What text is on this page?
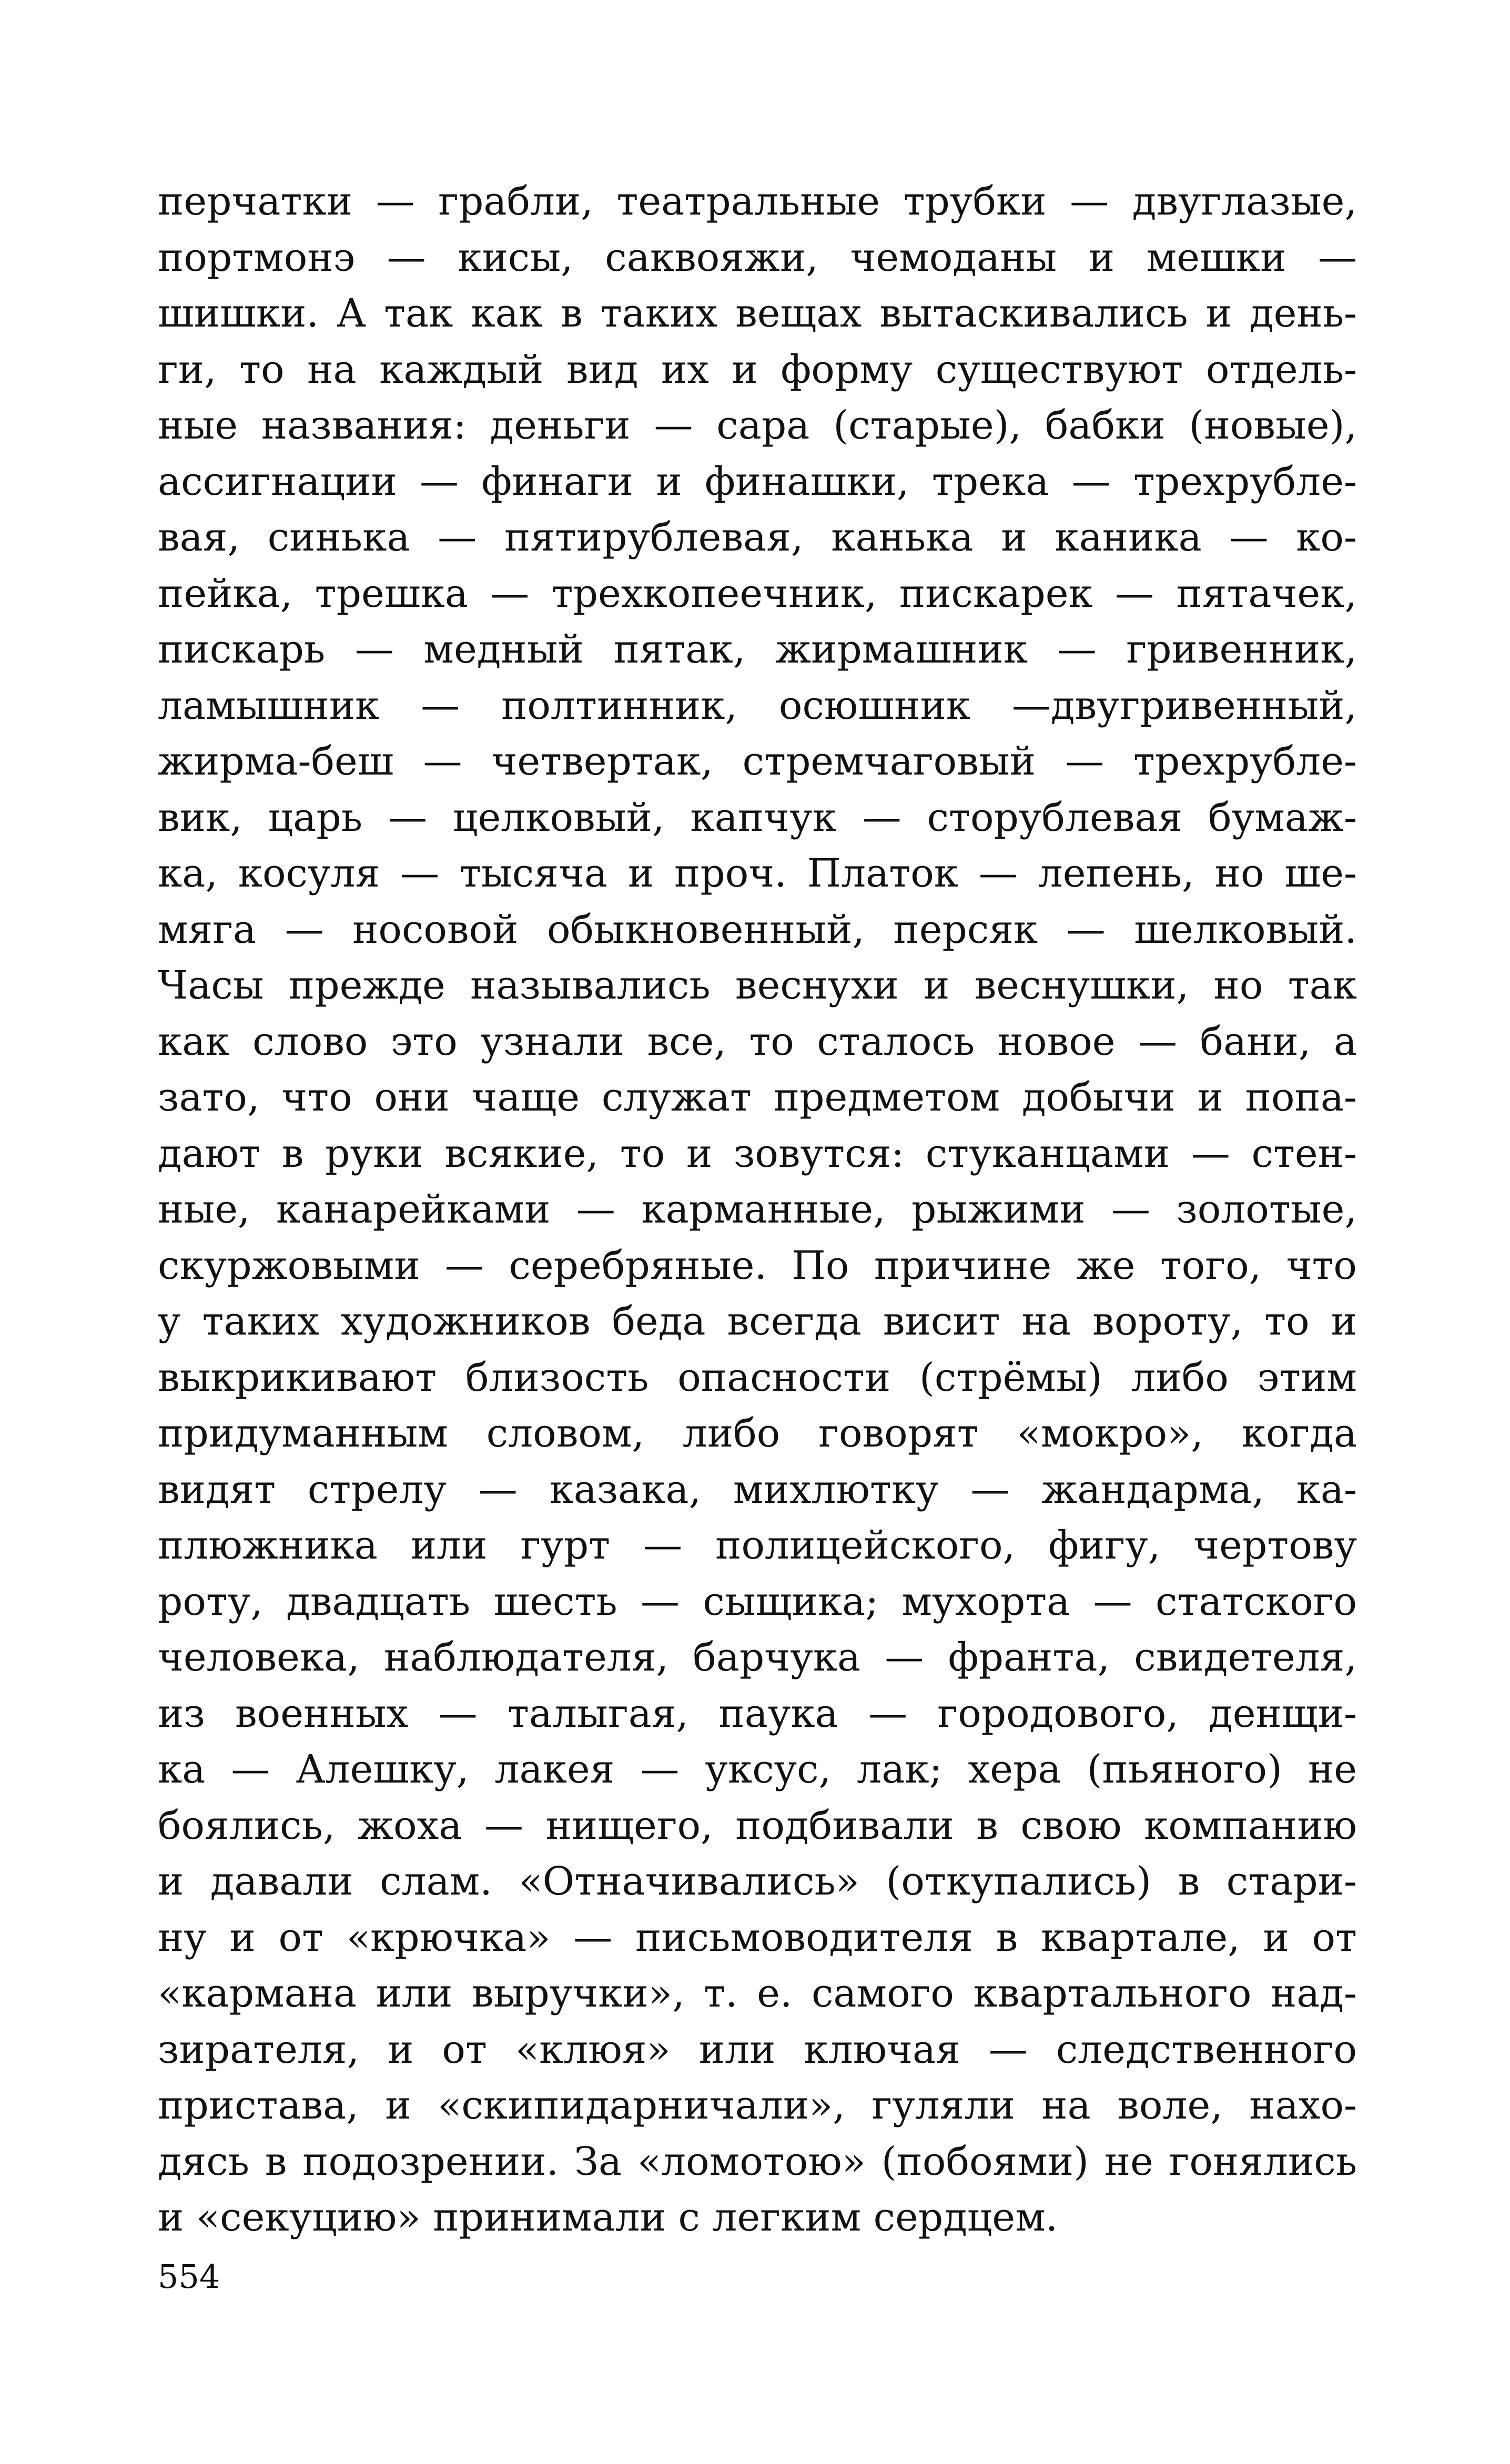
перчатки — грабли, театральные трубки — двуглазые,
портмонэ — кисы, саквояжи, чемоданы и мешки —
шишки. А так как в таких вещах вытаскивались и день-
ги, то на каждый вид их и форму существуют отдель-
ные названия: деньги — сара (старые), бабки (новые),
ассигнации — финаги и финашки, трека — трехрубле-
вая, синька — пятирублевая, канька и каника — ко-
пейка, трешка — трехкопеечник, пискарек — пятачек,
пискарь — медный пятак, жирмашник — гривенник,
ламышник — полтинник, осюшник —двугривенный,
жирма-беш — четвертак, стремчаговый — трехрубле-
вик, царь — целковый, капчук — сторублевая бумаж-
ка, косуля — тысяча и проч. Платок — лепень, но ше-
мяга — носовой обыкновенный, персяк — шелковый.
Часы прежде назывались веснухи и веснушки, но так
как слово это узнали все, то сталось новое — бани, а
зато, что они чаще служат предметом добычи и попа-
дают в руки всякие, то и зовутся: стуканцами — стен-
ные, канарейками — карманные, рыжими — золотые,
скуржовыми — серебряные. По причине же того, что
у таких художников беда всегда висит на вороту, то и
выкрикивают близость опасности (стрёмы) либо этим
придуманным словом, либо говорят «мокро», когда
видят стрелу — казака, михлютку — жандарма, ка-
плюжника или гурт — полицейского, фигу, чертову
роту, двадцать шесть — сыщика; мухорта — статского
человека, наблюдателя, барчука — франта, свидетеля,
из военных — талыгая, паука — городового, денщи-
ка — Алешку, лакея — уксус, лак; хера (пьяного) не
боялись, жоха — нищего, подбивали в свою компанию
и давали слам. «Отначивались» (откупались) в стари-
ну и от «крючка» — письмоводителя в квартале, и от
«кармана или выручки», т. е. самого квартального над-
зирателя, и от «клюя» или ключая — следственного
пристава, и «скипидарничали», гуляли на воле, нахо-
дясь в подозрении. За «ломотою» (побоями) не гонялись
и «секуцию» принимали с легким сердцем.
554
